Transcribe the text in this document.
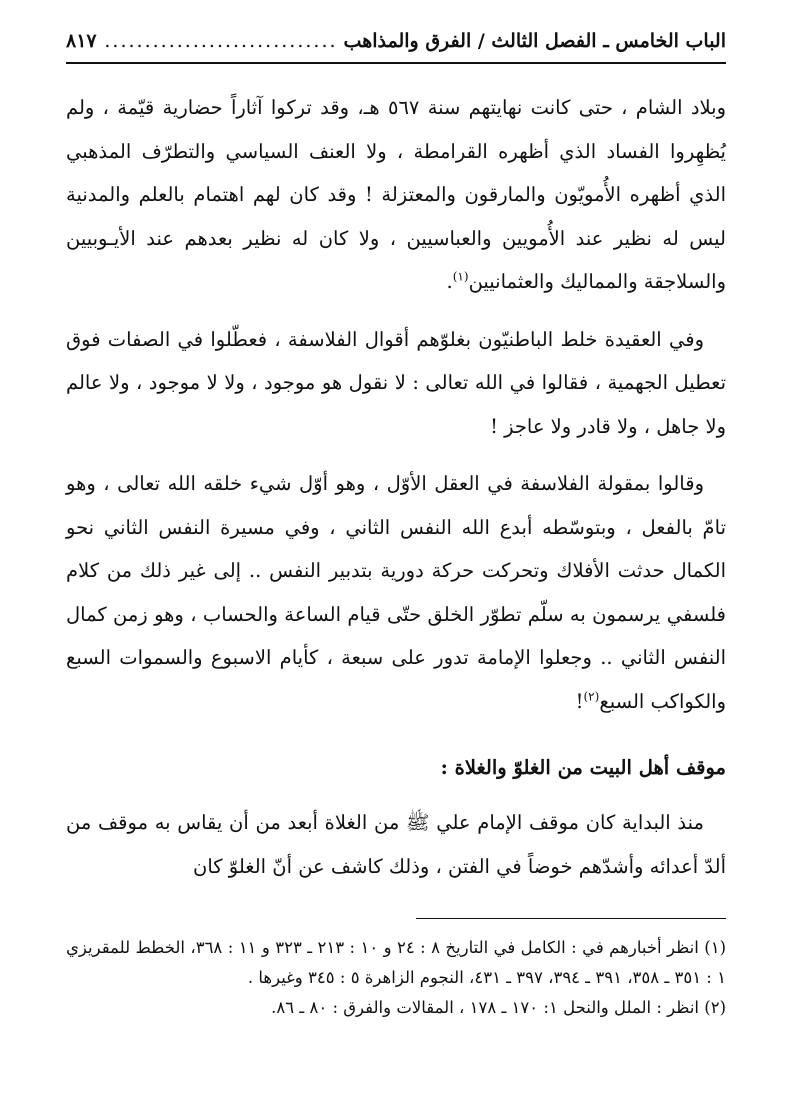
الباب الخامس ـ الفصل الثالث / الفرق والمذاهب
.....
٨١٧

وبلاد الشام ، حتى كانت نهايتهم سنة ٥٦٧ هـ، وقد تركوا آثاراً حضارية قيّمة ، ولم يُظهِروا الفساد الذي أظهره القرامطة ، ولا العنف السياسي والتطرّف المذهبي الذي أظهره الأُمويّون والمارقون والمعتزلة ! وقد كان لهم اهتمام بالعلم والمدنية ليس له نظير عند الأُمويين والعباسيين ، ولا كان له نظير بعدهم عند الأيـوبيين والسلاجقة والمماليك والعثمانيين$^{(١)}$.

وفي العقيدة خلط الباطنيّون بغلوّهم أقوال الفلاسفة ، فعطّلوا في الصفات فوق تعطيل الجهمية ، فقالوا في الله تعالى : لا نقول هو موجود ، ولا لا موجود ، ولا عالم ولا جاهل ، ولا قادر ولا عاجز !

وقالوا بمقولة الفلاسفة في العقل الأوّل ، وهو أوّل شيء خلقه الله تعالى ، وهو تامّ بالفعل ، وبتوسّطه أبدع الله النفس الثاني ، وفي مسيرة النفس الثاني نحو الكمال حدثت الأفلاك وتحركت حركة دورية بتدبير النفس .. إلى غير ذلك من كلام فلسفي يرسمون به سلّم تطوّر الخلق حتّى قيام الساعة والحساب ، وهو زمن كمال النفس الثاني .. وجعلوا الإمامة تدور على سبعة ، كأيام الاسبوع والسموات السبع والكواكب السبع$^{(٢)}$!

موقف أهل البيت من الغلوّ والغلاة :

منذ البداية كان موقف الإمام علي ﷺ من الغلاة أبعد من أن يقاس به موقف من ألدّ أعدائه وأشدّهم خوضاً في الفتن ، وذلك كاشف عن أنّ الغلوّ كان

(١) انظر أخبارهم في : الكامل في التاريخ ٨ : ٢٤ و ١٠ : ٢١٣ ـ ٣٢٣ و ١١ : ٣٦٨، الخطط للمقريزي ١ : ٣٥١ ـ ٣٥٨، ٣٩١ ـ ٣٩٤، ٣٩٧ ـ ٤٣١، النجوم الزاهرة ٥ : ٣٤٥ وغيرها .

(٢) انظر : الملل والنحل ١: ١٧٠ ـ ١٧٨ ، المقالات والفرق : ٨٠ ـ ٨٦.
